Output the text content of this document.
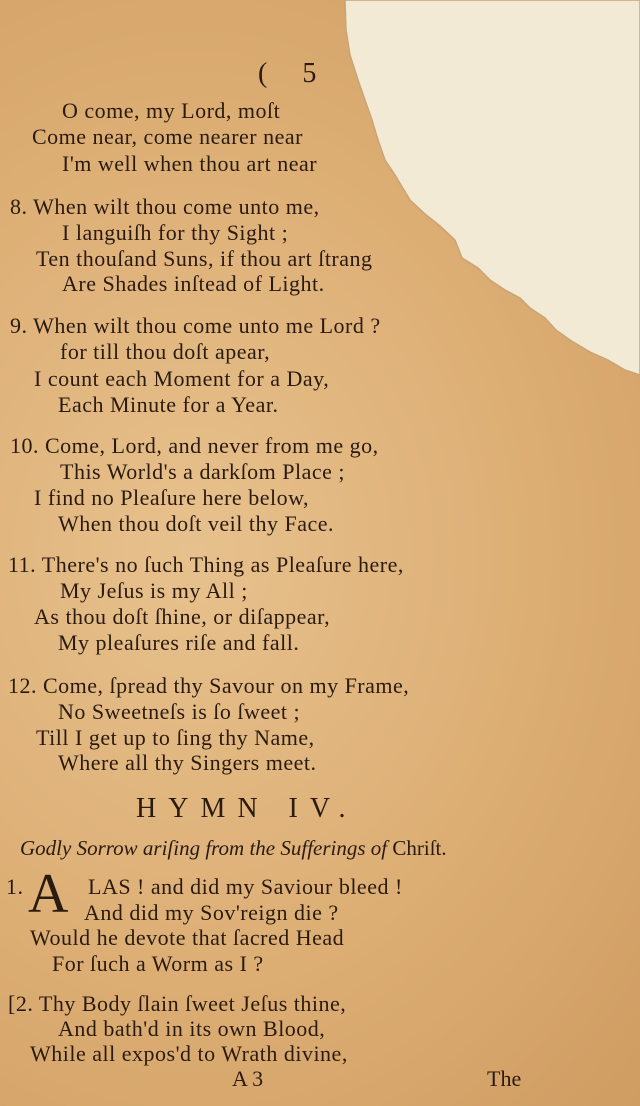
( 5
O come, my Lord, moſt
Come near, come nearer near
I'm well when thou art near
8. When wilt thou come unto me,
I languiſh for thy Sight ;
Ten thouſand Suns, if thou art ſtrang
Are Shades inſtead of Light.
9. When wilt thou come unto me Lord ?
for till thou doſt apear,
I count each Moment for a Day,
Each Minute for a Year.
10. Come, Lord, and never from me go,
This World's a darkſom Place ;
I find no Pleaſure here below,
When thou doſt veil thy Face.
11. There's no ſuch Thing as Pleaſure here,
My Jeſus is my All ;
As thou doſt ſhine, or diſappear,
My pleaſures riſe and fall.
12. Come, ſpread thy Savour on my Frame,
No Sweetneſs is ſo ſweet ;
Till I get up to ſing thy Name,
Where all thy Singers meet.
HYMN IV.
Godly Sorrow ariſing from the Sufferings of Chriſt.
1. A LAS ! and did my Saviour bleed !
And did my Sov'reign die ?
Would he devote that ſacred Head
For ſuch a Worm as I ?
[2. Thy Body ſlain ſweet Jeſus thine,
And bath'd in its own Blood,
While all expos'd to Wrath divine,
A 3	The
